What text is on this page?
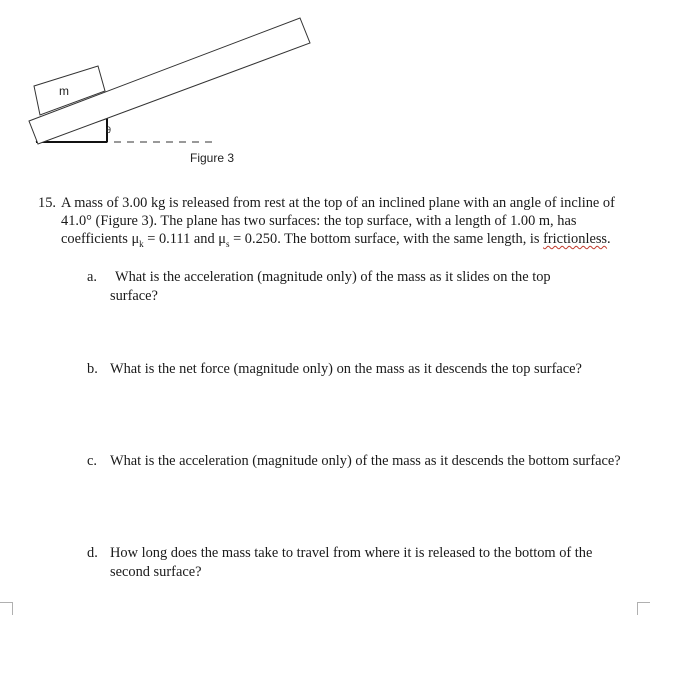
m
θ
Figure 3
15. A mass of 3.00 kg is released from rest at the top of an inclined plane with an angle of incline of 41.0° (Figure 3). The plane has two surfaces: the top surface, with a length of 1.00 m, has coefficients $\mu_k = 0.111$ and $\mu_s = 0.250$. The bottom surface, with the same length, is frictionless.
a.	What is the acceleration (magnitude only) of the mass as it slides on the top surface?
b. What is the net force (magnitude only) on the mass as it descends the top surface?
c. What is the acceleration (magnitude only) of the mass as it descends the bottom surface?
d. How long does the mass take to travel from where it is released to the bottom of the second surface?
